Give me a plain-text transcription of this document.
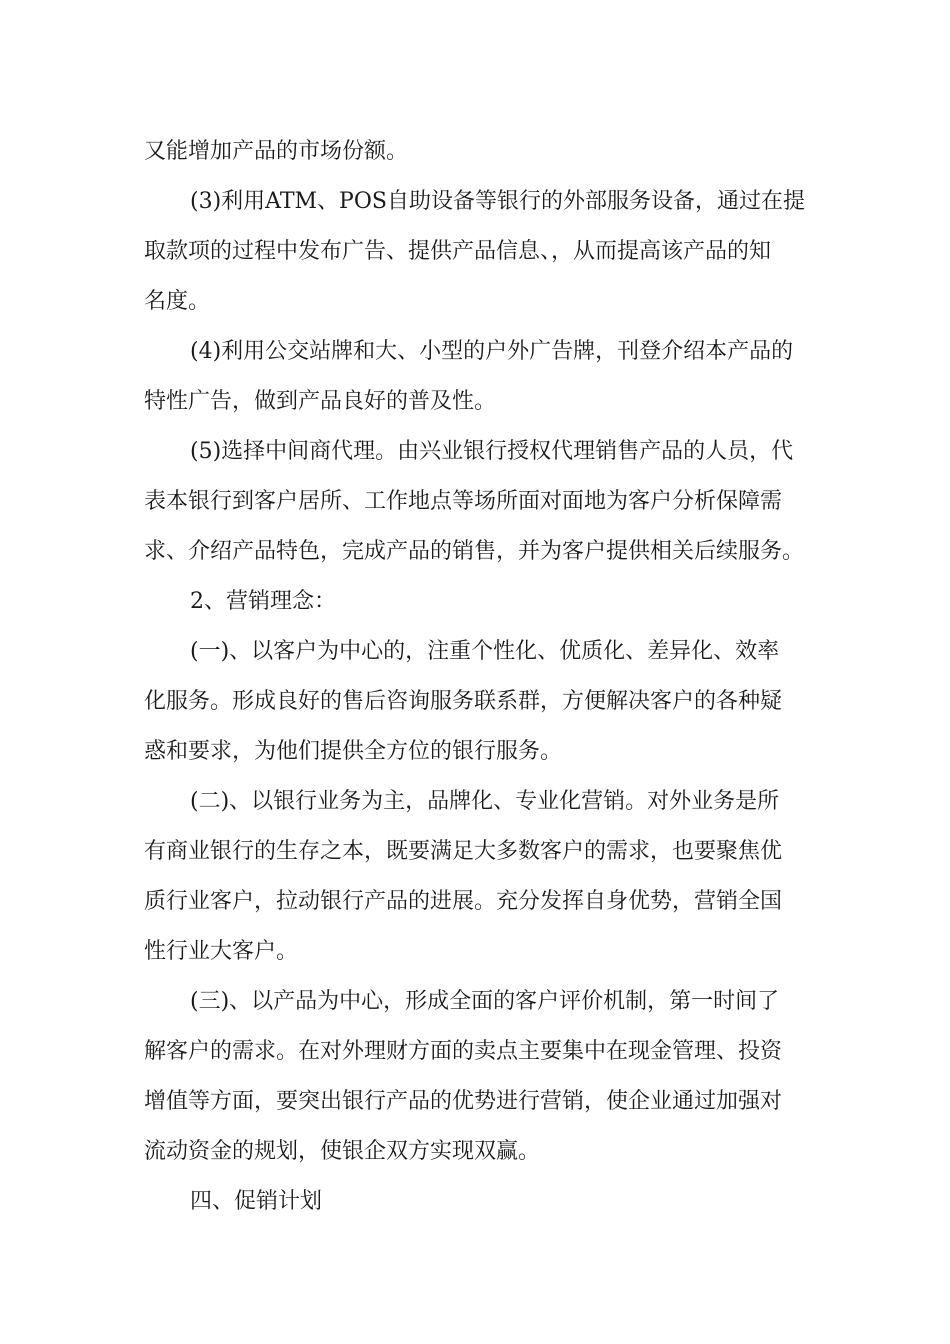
又能增加产品的市场份额。
(3)利用ATM、POS自助设备等银行的外部服务设备，通过在提
取款项的过程中发布广告、提供产品信息、，从而提高该产品的知
名度。
(4)利用公交站牌和大、小型的户外广告牌，刊登介绍本产品的
特性广告，做到产品良好的普及性。
(5)选择中间商代理。由兴业银行授权代理销售产品的人员，代
表本银行到客户居所、工作地点等场所面对面地为客户分析保障需
求、介绍产品特色，完成产品的销售，并为客户提供相关后续服务。
2、营销理念：
(一)、以客户为中心的，注重个性化、优质化、差异化、效率
化服务。形成良好的售后咨询服务联系群，方便解决客户的各种疑
惑和要求，为他们提供全方位的银行服务。
(二)、以银行业务为主，品牌化、专业化营销。对外业务是所
有商业银行的生存之本，既要满足大多数客户的需求，也要聚焦优
质行业客户，拉动银行产品的进展。充分发挥自身优势，营销全国
性行业大客户。
(三)、以产品为中心，形成全面的客户评价机制，第一时间了
解客户的需求。在对外理财方面的卖点主要集中在现金管理、投资
增值等方面，要突出银行产品的优势进行营销，使企业通过加强对
流动资金的规划，使银企双方实现双赢。
四、促销计划
